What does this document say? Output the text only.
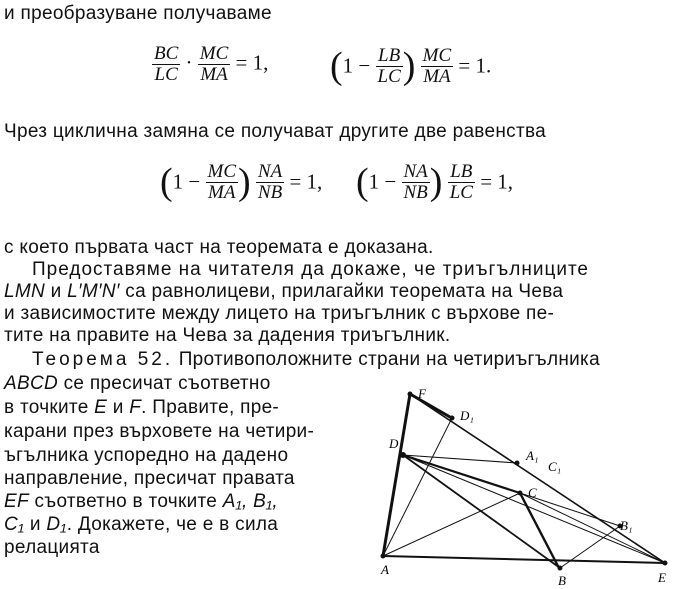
и преобразуване получаваме
$\frac{BC}{LC} \cdot \frac{MC}{MA} = 1$, ($1 - \frac{LB}{LC}$ ) $\frac{MC}{MA} = 1$.
Чрез циклична замяна се получават другите две равенства
($1 - \frac{MC}{MA}$ ) $\frac{NA}{NB} = 1$, ($1 - \frac{NA}{NB}$ ) $\frac{LB}{LC} = 1$,
с което първата част на теоремата е доказана.
Предоставяме на читателя да докаже, че триъгълниците
LMN и L′M′N′ са равнолицеви, прилагайки теоремата на Чева
и зависимостите между лицето на триъгълник с върхове пе-
тите на правите на Чева за дадения триъгълник.
Теорема 52. Противоположните страни на четириъгълника
ABCD се пресичат съответно
в точките E и F. Правите, пре-
карани през върховете на четири-
ъгълника успоредно на дадено
направление, пресичат правата
EF съответно в точките A₁, B₁,
C₁ и D₁. Докажете, че е в сила
релацията
F
D₁
D
A₁
C₁
C
B₁
A
B	E
